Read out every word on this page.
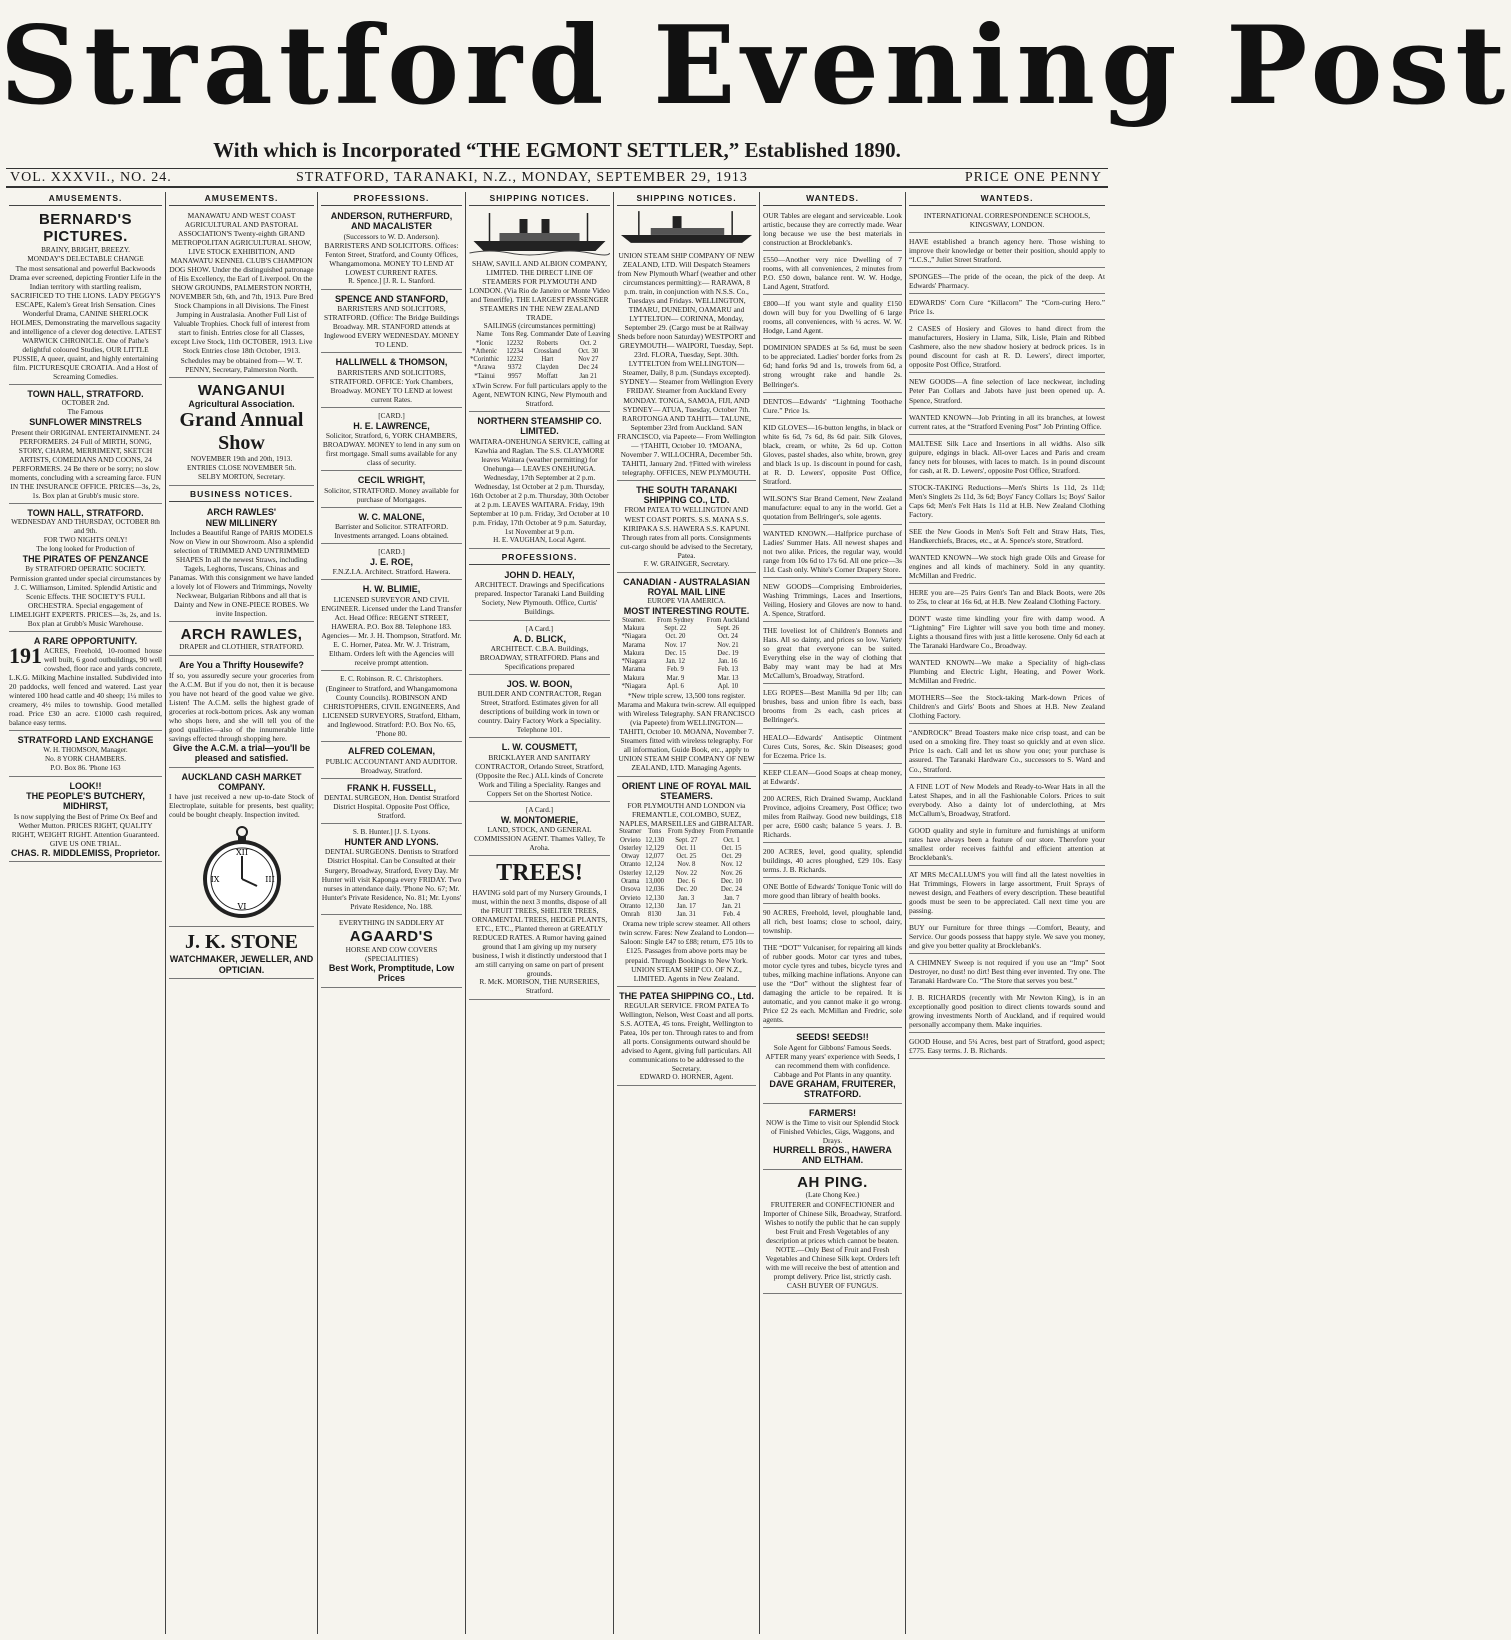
Stratford Evening Post
With which is Incorporated “THE EGMONT SETTLER,” Established 1890.
VOL. XXXVII., NO. 24.	STRATFORD, TARANAKI, N.Z., MONDAY, SEPTEMBER 29, 1913	PRICE ONE PENNY
AMUSEMENTS.
BERNARD'S PICTURES.
BRAINY, BRIGHT, BREEZY.
MONDAY'S DELECTABLE CHANGE

The most sensational and powerful Backwoods Drama ever screened, depicting Frontier Life in the Indian territory with startling realism, SACRIFICED TO THE LIONS. LADY PEGGY'S ESCAPE, Kalem's Great Irish Sensation. Cines Wonderful Drama, CANINE SHERLOCK HOLMES, Demonstrating the marvellous sagacity and intelligence of a clever dog detective. LATEST WARWICK CHRONICLE. One of Pathe's delightful coloured Studies, OUR LITTLE PUSSIE, A queer, quaint, and highly entertaining film. PICTURESQUE CROATIA. And a Host of Screaming Comedies.

TOWN HALL, STRATFORD.
OCTOBER 2nd.
The Famous
SUNFLOWER MINSTRELS

Present their ORIGINAL ENTERTAINMENT. 24 PERFORMERS. 24 Full of MIRTH, SONG, STORY, CHARM, MERRIMENT, SKETCH ARTISTS, COMEDIANS AND COONS, 24 PERFORMERS. 24 Be there or be sorry; no slow moments, concluding with a screaming farce. FUN IN THE INSURANCE OFFICE. PRICES—3s, 2s, 1s. Box plan at Grubb's music store.

TOWN HALL, STRATFORD.
WEDNESDAY AND THURSDAY, OCTOBER 8th and 9th.
FOR TWO NIGHTS ONLY!
The long looked for Production of
THE PIRATES OF PENZANCE
By STRATFORD OPERATIC SOCIETY.

Permission granted under special circumstances by J. C. Williamson, Limited. Splendid Artistic and Scenic Effects. THE SOCIETY'S FULL ORCHESTRA. Special engagement of LIMELIGHT EXPERTS. PRICES—3s, 2s, and 1s. Box plan at Grubb's Music Warehouse.

A RARE OPPORTUNITY.
191 ACRES, Freehold, 10-roomed house well built, 6 good outbuildings, 90 well cowshed, floor race and yards concrete, L.K.G. Milking Machine installed. Subdivided into 20 paddocks, well fenced and watered. Last year wintered 100 head cattle and 40 sheep; 1¼ miles to creamery, 4½ miles to township. Good metalled road. Price £30 an acre. £1000 cash required, balance easy terms.

STRATFORD LAND EXCHANGE
W. H. THOMSON, Manager.
No. 8 YORK CHAMBERS.
P.O. Box 86. 'Phone 163
LOOK!!
THE PEOPLE'S BUTCHERY, MIDHIRST,

Is now supplying the Best of Prime Ox Beef and Wether Mutton. PRICES RIGHT, QUALITY RIGHT, WEIGHT RIGHT. Attention Guaranteed. GIVE US ONE TRIAL.

CHAS. R. MIDDLEMISS, Proprietor.
AMUSEMENTS.

MANAWATU AND WEST COAST AGRICULTURAL AND PASTORAL ASSOCIATION'S Twenty-eighth GRAND METROPOLITAN AGRICULTURAL SHOW, LIVE STOCK EXHIBITION, AND MANAWATU KENNEL CLUB'S CHAMPION DOG SHOW. Under the distinguished patronage of His Excellency, the Earl of Liverpool. On the SHOW GROUNDS, PALMERSTON NORTH, NOVEMBER 5th, 6th, and 7th, 1913. Pure Bred Stock Champions in all Divisions. The Finest Jumping in Australasia. Another Full List of Valuable Trophies. Chock full of interest from start to finish. Entries close for all Classes, except Live Stock, 11th OCTOBER, 1913. Live Stock Entries close 18th October, 1913. Schedules may be obtained from— W. T. PENNY, Secretary, Palmerston North.

WANGANUI
Agricultural Association.
Grand Annual Show
NOVEMBER 19th and 20th, 1913.
ENTRIES CLOSE NOVEMBER 5th.
SELBY MORTON, Secretary.
BUSINESS NOTICES.
ARCH RAWLES'
NEW MILLINERY

Includes a Beautiful Range of PARIS MODELS Now on View in our Showroom. Also a splendid selection of TRIMMED AND UNTRIMMED SHAPES In all the newest Straws, including Tagels, Leghorns, Tuscans, Chinas and Panamas. With this consignment we have landed a lovely lot of Flowers and Trimmings, Novelty Neckwear, Bulgarian Ribbons and all that is Dainty and New in ONE-PIECE ROBES. We invite Inspection.

ARCH RAWLES,
DRAPER and CLOTHIER, STRATFORD.
Are You a Thrifty Housewife?

If so, you assuredly secure your groceries from the A.C.M. But if you do not, then it is because you have not heard of the good value we give. Listen! The A.C.M. sells the highest grade of groceries at rock-bottom prices. Ask any woman who shops here, and she will tell you of the good qualities—also of the innumerable little savings effected through shopping here.

Give the A.C.M. a trial—you'll be pleased and satisfied.
AUCKLAND CASH MARKET COMPANY.

I have just received a new up-to-date Stock of Electroplate, suitable for presents, best quality; could be bought cheaply. Inspection invited.

XII
III
VI
IX
J. K. STONE
WATCHMAKER, JEWELLER, AND OPTICIAN.
PROFESSIONS.
ANDERSON, RUTHERFURD, AND MACALISTER

(Successors to W. D. Anderson). BARRISTERS AND SOLICITORS. Offices: Fenton Street, Stratford, and County Offices, Whangamomona. MONEY TO LEND AT LOWEST CURRENT RATES.

R. Spence.] [J. R. L. Stanford.
SPENCE AND STANFORD,

BARRISTERS AND SOLICITORS, STRATFORD. (Office: The Bridge Buildings Broadway. MR. STANFORD attends at Inglewood EVERY WEDNESDAY. MONEY TO LEND.

HALLIWELL & THOMSON,

BARRISTERS AND SOLICITORS, STRATFORD. OFFICE: York Chambers, Broadway. MONEY TO LEND at lowest current Rates.

[CARD.]
H. E. LAWRENCE,

Solicitor, Stratford, 6, YORK CHAMBERS, BROADWAY. MONEY to lend in any sum on first mortgage. Small sums available for any class of security.

CECIL WRIGHT,

Solicitor, STRATFORD. Money available for purchase of Mortgages.

W. C. MALONE,

Barrister and Solicitor. STRATFORD. Investments arranged. Loans obtained.

[CARD.]
J. E. ROE,

F.N.Z.I.A. Architect. Stratford. Hawera.

H. W. BLIMIE,

LICENSED SURVEYOR AND CIVIL ENGINEER. Licensed under the Land Transfer Act. Head Office: REGENT STREET, HAWERA. P.O. Box 88. Telephone 183. Agencies— Mr. J. H. Thompson, Stratford. Mr. E. C. Horner, Patea. Mr. W. J. Tristram, Eltham. Orders left with the Agencies will receive prompt attention.

E. C. Robinson. R. C. Christophers.

(Engineer to Stratford, and Whangamomona County Councils). ROBINSON AND CHRISTOPHERS, CIVIL ENGINEERS, And LICENSED SURVEYORS, Stratford, Eltham, and Inglewood. Stratford: P.O. Box No. 65, 'Phone 80.

ALFRED COLEMAN,

PUBLIC ACCOUNTANT AND AUDITOR. Broadway, Stratford.

FRANK H. FUSSELL,

DENTAL SURGEON, Hon. Dentist Stratford District Hospital. Opposite Post Office, Stratford.

S. B. Hunter.] [J. S. Lyons.
HUNTER AND LYONS.

DENTAL SURGEONS. Dentists to Stratford District Hospital. Can be Consulted at their Surgery, Broadway, Stratford, Every Day. Mr Hunter will visit Kaponga every FRIDAY. Two nurses in attendance daily. 'Phone No. 67; Mr. Hunter's Private Residence, No. 81; Mr. Lyons' Private Residence, No. 188.

EVERYTHING IN SADDLERY AT
AGAARD'S

HORSE AND COW COVERS (SPECIALITIES)

Best Work, Promptitude, Low Prices
SHIPPING NOTICES.

SHAW, SAVILL AND ALBION COMPANY, LIMITED. THE DIRECT LINE OF STEAMERS FOR PLYMOUTH AND LONDON. (Via Rio de Janeiro or Monte Video and Teneriffe). THE LARGEST PASSENGER STEAMERS IN THE NEW ZEALAND TRADE.

SAILINGS (circumstances permitting)
Name	Tons Reg.	Commander	Date of Leaving
*Ionic	12232	Roberts	Oct. 2
*Athenic	12234	Crossland	Oct. 30
*Corinthic	12232	Hart	Nov 27
*Arawa	9372	Clayden	Dec 24
*Tainui	9957	Moffatt	Jan 21

xTwin Screw. For full particulars apply to the Agent, NEWTON KING, New Plymouth and Stratford.

NORTHERN STEAMSHIP CO. LIMITED.

WAITARA-ONEHUNGA SERVICE, calling at Kawhia and Raglan. The S.S. CLAYMORE leaves Waitara (weather permitting) for Onehunga— LEAVES ONEHUNGA. Wednesday, 17th September at 2 p.m. Wednesday, 1st October at 2 p.m. Thursday, 16th October at 2 p.m. Thursday, 30th October at 2 p.m. LEAVES WAITARA. Friday, 19th September at 10 p.m. Friday, 3rd October at 10 p.m. Friday, 17th October at 9 p.m. Saturday, 1st November at 9 p.m.

H. E. VAUGHAN, Local Agent.
PROFESSIONS.
JOHN D. HEALY,

ARCHITECT. Drawings and Specifications prepared. Inspector Taranaki Land Building Society, New Plymouth. Office, Curtis' Buildings.

[A Card.]
A. D. BLICK,

ARCHITECT. C.B.A. Buildings, BROADWAY, STRATFORD. Plans and Specifications prepared

JOS. W. BOON,

BUILDER AND CONTRACTOR, Regan Street, Stratford. Estimates given for all descriptions of building work in town or country. Dairy Factory Work a Speciality. Telephone 101.

L. W. COUSMETT,

BRICKLAYER AND SANITARY CONTRACTOR, Orlando Street, Stratford, (Opposite the Rec.) ALL kinds of Concrete Work and Tiling a Speciality. Ranges and Coppers Set on the Shortest Notice.

[A Card.]
W. MONTOMERIE,

LAND, STOCK, AND GENERAL COMMISSION AGENT. Thames Valley, Te Aroha.

TREES!

HAVING sold part of my Nursery Grounds, I must, within the next 3 months, dispose of all the FRUIT TREES, SHELTER TREES, ORNAMENTAL TREES, HEDGE PLANTS, ETC., ETC., Planted thereon at GREATLY REDUCED RATES. A Rumor having gained ground that I am giving up my nursery business, I wish it distinctly understood that I am still carrying on same on part of present grounds.

R. McK. MORISON, THE NURSERIES, Stratford.
SHIPPING NOTICES.

UNION STEAM SHIP COMPANY OF NEW ZEALAND, LTD. Will Despatch Steamers from New Plymouth Wharf (weather and other circumstances permitting):— RARAWA, 8 p.m. train, in conjunction with N.S.S. Co., Tuesdays and Fridays. WELLINGTON, TIMARU, DUNEDIN, OAMARU and LYTTELTON— CORINNA, Monday, September 29. (Cargo must be at Railway Sheds before noon Saturday) WESTPORT and GREYMOUTH— WAIPORI, Tuesday, Sept. 23rd. FLORA, Tuesday, Sept. 30th. LYTTELTON from WELLINGTON— Steamer, Daily, 8 p.m. (Sundays excepted). SYDNEY— Steamer from Wellington Every FRIDAY. Steamer from Auckland Every MONDAY. TONGA, SAMOA, FIJI, AND SYDNEY— ATUA, Tuesday, October 7th. RAROTONGA AND TAHITI— TALUNE, September 23rd from Auckland. SAN FRANCISCO, via Papeete— From Wellington— †TAHITI, October 10. †MOANA, November 7. WILLOCHRA, December 5th. TAHITI, January 2nd. †Fitted with wireless telegraphy. OFFICES, NEW PLYMOUTH.

THE SOUTH TARANAKI SHIPPING CO., LTD.

FROM PATEA TO WELLINGTON AND WEST COAST PORTS. S.S. MANA S.S. KIRIPAKA S.S. HAWERA S.S. KAPUNI. Through rates from all ports. Consignments cut-cargo should be advised to the Secretary, Patea.

F. W. GRAINGER, Secretary.
CANADIAN - AUSTRALASIAN ROYAL MAIL LINE
EUROPE VIA AMERICA.
MOST INTERESTING ROUTE.
Steamer.	From Sydney	From Auckland
Makura	Sept. 22	Sept. 26
*Niagara	Oct. 20	Oct. 24
Marama	Nov. 17	Nov. 21
Makura	Dec. 15	Dec. 19
*Niagara	Jan. 12	Jan. 16
Marama	Feb. 9	Feb. 13
Makura	Mar. 9	Mar. 13
*Niagara	Apl. 6	Apl. 10

*New triple screw, 13,500 tons register. Marama and Makura twin-screw. All equipped with Wireless Telegraphy. SAN FRANCISCO (via Papeete) from WELLINGTON— TAHITI, October 10. MOANA, November 7. Steamers fitted with wireless telegraphy. For all information, Guide Book, etc., apply to UNION STEAM SHIP COMPANY OF NEW ZEALAND, LTD. Managing Agents.

ORIENT LINE OF ROYAL MAIL STEAMERS.

FOR PLYMOUTH AND LONDON via FREMANTLE, COLOMBO, SUEZ, NAPLES, MARSEILLES and GIBRALTAR.

Steamer	Tons	From Sydney	From Fremantle
Orvieto	12,130	Sept. 27	Oct. 1
Osterley	12,129	Oct. 11	Oct. 15
Otway	12,077	Oct. 25	Oct. 29
Otranto	12,124	Nov. 8	Nov. 12
Osterley	12,129	Nov. 22	Nov. 26
Orama	13,000	Dec. 6	Dec. 10
Orsova	12,036	Dec. 20	Dec. 24
Orvieto	12,130	Jan. 3	Jan. 7
Otranto	12,130	Jan. 17	Jan. 21
Omrah	8130	Jan. 31	Feb. 4

Orama new triple screw steamer. All others twin screw. Fares: New Zealand to London— Saloon: Single £47 to £88; return, £75 10s to £125. Passages from above ports may be prepaid. Through Bookings to New York. UNION STEAM SHIP CO. OF N.Z., LIMITED. Agents in New Zealand.

THE PATEA SHIPPING CO., Ltd.

REGULAR SERVICE. FROM PATEA To Wellington, Nelson, West Coast and all ports. S.S. AOTEA, 45 tons. Freight, Wellington to Patea, 10s per ton. Through rates to and from all ports. Consignments outward should be advised to Agent, giving full particulars. All communications to be addressed to the Secretary.

EDWARD O. HORNER, Agent.
WANTEDS.
OUR Tables are elegant and serviceable. Look artistic, because they are correctly made. Wear long because we use the best materials in construction at Brocklebank's.
£550—Another very nice Dwelling of 7 rooms, with all conveniences, 2 minutes from P.O. £50 down, balance rent. W. W. Hodge, Land Agent, Stratford.
£800—If you want style and quality £150 down will buy for you Dwelling of 6 large rooms, all conveniences, with ¼ acres. W. W. Hodge, Land Agent.
DOMINION SPADES at 5s 6d, must be seen to be appreciated. Ladies' border forks from 2s 6d; hand forks 9d and 1s, trowels from 6d, a strong wrought rake and handle 2s. Bellringer's.
DENTOS—Edwards' “Lightning Toothache Cure.” Price 1s.
KID GLOVES—16-button lengths, in black or white 6s 6d, 7s 6d, 8s 6d pair. Silk Gloves, black, cream, or white, 2s 6d up. Cotton Gloves, pastel shades, also white, brown, grey and black 1s up. 1s discount in pound for cash, at R. D. Lewers', opposite Post Office, Stratford.
WILSON'S Star Brand Cement, New Zealand manufacture: equal to any in the world. Get a quotation from Bellringer's, sole agents.
WANTED KNOWN.—Halfprice purchase of Ladies' Summer Hats. All newest shapes and not two alike. Prices, the regular way, would range from 10s 6d to 17s 6d. All one price—3s 11d. Cash only. White's Corner Drapery Store.
NEW GOODS—Comprising Embroideries, Washing Trimmings, Laces and Insertions, Veiling, Hosiery and Gloves are now to hand. A. Spence, Stratford.
THE loveliest lot of Children's Bonnets and Hats. All so dainty, and prices so low. Variety so great that everyone can be suited. Everything else in the way of clothing that Baby may want may be had at Mrs McCallum's, Broadway, Stratford.
LEG ROPES—Best Manilla 9d per 1lb; can brushes, bass and union fibre 1s each, bass brooms from 2s each, cash prices at Bellringer's.
HEALO—Edwards' Antiseptic Ointment Cures Cuts, Sores, &c. Skin Diseases; good for Eczema. Price 1s.
KEEP CLEAN—Good Soaps at cheap money, at Edwards'.
200 ACRES, Rich Drained Swamp, Auckland Province, adjoins Creamery, Post Office; two miles from Railway. Good new buildings, £18 per acre, £600 cash; balance 5 years. J. B. Richards.
200 ACRES, level, good quality, splendid buildings, 40 acres ploughed, £29 10s. Easy terms. J. B. Richards.
ONE Bottle of Edwards' Tonique Tonic will do more good than library of health books.
90 ACRES, Freehold, level, ploughable land, all rich, best loams; close to school, dairy, township.
THE “DOT” Vulcaniser, for repairing all kinds of rubber goods. Motor car tyres and tubes, motor cycle tyres and tubes, bicycle tyres and tubes, milking machine inflations. Anyone can use the “Dot” without the slightest fear of damaging the article to be repaired. It is automatic, and you cannot make it go wrong. Price £2 2s each. McMillan and Fredric, sole agents.
SEEDS! SEEDS!!

Sole Agent for Gibbons' Famous Seeds. AFTER many years' experience with Seeds, I can recommend them with confidence. Cabbage and Pot Plants in any quantity.

DAVE GRAHAM, FRUITERER, STRATFORD.
FARMERS!

NOW is the Time to visit our Splendid Stock of Finished Vehicles, Gigs, Waggons, and Drays.

HURRELL BROS., HAWERA AND ELTHAM.
AH PING.
(Late Chong Kee.)

FRUITERER and CONFECTIONER and Importer of Chinese Silk, Broadway, Stratford. Wishes to notify the public that he can supply best Fruit and Fresh Vegetables of any description at prices which cannot be beaten. NOTE.—Only Best of Fruit and Fresh Vegetables and Chinese Silk kept. Orders left with me will receive the best of attention and prompt delivery. Price list, strictly cash. CASH BUYER OF FUNGUS.

WANTEDS.
INTERNATIONAL CORRESPONDENCE SCHOOLS, KINGSWAY, LONDON.
HAVE established a branch agency here. Those wishing to improve their knowledge or better their position, should apply to “I.C.S.,” Juliet Street Stratford.
SPONGES—The pride of the ocean, the pick of the deep. At Edwards' Pharmacy.
EDWARDS' Corn Cure “Killacorn” The “Corn-curing Hero.” Price 1s.
2 CASES of Hosiery and Gloves to hand direct from the manufacturers, Hosiery in Llama, Silk, Lisle, Plain and Ribbed Cashmere, also the new shadow hosiery at bedrock prices. 1s in pound discount for cash at R. D. Lewers', direct importer, opposite Post Office, Stratford.
NEW GOODS—A fine selection of lace neckwear, including Peter Pan Collars and Jabots have just been opened up. A. Spence, Stratford.
WANTED KNOWN—Job Printing in all its branches, at lowest current rates, at the “Stratford Evening Post” Job Printing Office.
MALTESE Silk Lace and Insertions in all widths. Also silk guipure, edgings in black. All-over Laces and Paris and cream fancy nets for blouses, with laces to match. 1s in pound discount for cash, at R. D. Lewers', opposite Post Office, Stratford.
STOCK-TAKING Reductions—Men's Shirts 1s 11d, 2s 11d; Men's Singlets 2s 11d, 3s 6d; Boys' Fancy Collars 1s; Boys' Sailor Caps 6d; Men's Felt Hats 1s 11d at H.B. New Zealand Clothing Factory.
SEE the New Goods in Men's Soft Felt and Straw Hats, Ties, Handkerchiefs, Braces, etc., at A. Spence's store, Stratford.
WANTED KNOWN—We stock high grade Oils and Grease for engines and all kinds of machinery. Sold in any quantity. McMillan and Fredric.
HERE you are—25 Pairs Gent's Tan and Black Boots, were 20s to 25s, to clear at 16s 6d, at H.B. New Zealand Clothing Factory.
DON'T waste time kindling your fire with damp wood. A “Lightning” Fire Lighter will save you both time and money. Lights a thousand fires with just a little kerosene. Only 6d each at The Taranaki Hardware Co., Broadway.
WANTED KNOWN—We make a Speciality of high-class Plumbing and Electric Light, Heating, and Power Work. McMillan and Fredric.
MOTHERS—See the Stock-taking Mark-down Prices of Children's and Girls' Boots and Shoes at H.B. New Zealand Clothing Factory.
“ANDROCK” Bread Toasters make nice crisp toast, and can be used on a smoking fire. They toast so quickly and at even slice. Price 1s each. Call and let us show you one; your purchase is assured. The Taranaki Hardware Co., successors to S. Ward and Co., Stratford.
A FINE LOT of New Models and Ready-to-Wear Hats in all the Latest Shapes, and in all the Fashionable Colors. Prices to suit everybody. Also a dainty lot of underclothing, at Mrs McCallum's, Broadway, Stratford.
GOOD quality and style in furniture and furnishings at uniform rates have always been a feature of our store. Therefore your smallest order receives faithful and efficient attention at Brocklebank's.
AT MRS McCALLUM'S you will find all the latest novelties in Hat Trimmings, Flowers in large assortment, Fruit Sprays of newest design, and Feathers of every description. These beautiful goods must be seen to be appreciated. Call next time you are passing.
BUY our Furniture for three things —Comfort, Beauty, and Service. Our goods possess that happy style. We save you money, and give you better quality at Brocklebank's.
A CHIMNEY Sweep is not required if you use an “Imp” Soot Destroyer, no dust! no dirt! Best thing ever invented. Try one. The Taranaki Hardware Co. “The Store that serves you best.”
J. B. RICHARDS (recently with Mr Newton King), is in an exceptionally good position to direct clients towards sound and growing investments North of Auckland, and if required would personally accompany them. Make inquiries.
GOOD House, and 5¼ Acres, best part of Stratford, good aspect; £775. Easy terms. J. B. Richards.
